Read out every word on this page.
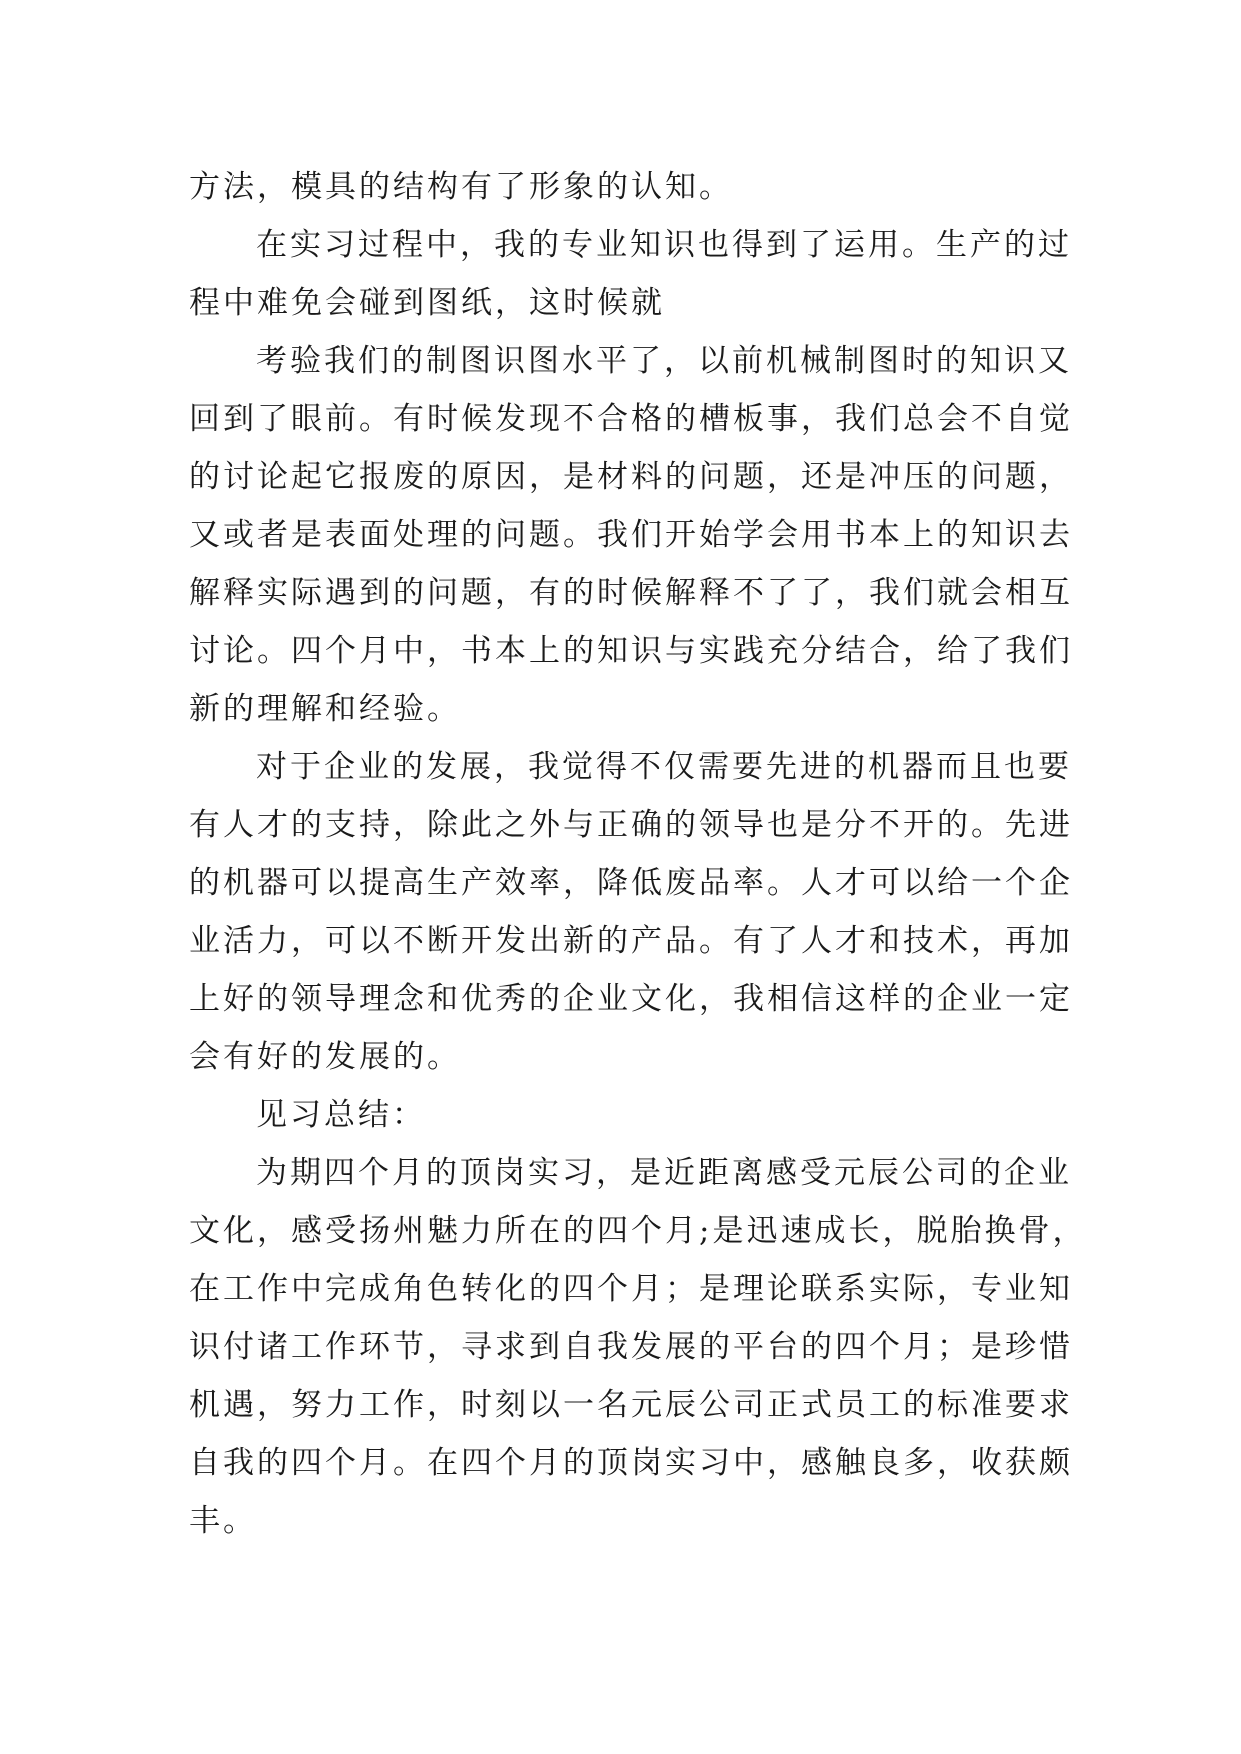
方法，模具的结构有了形象的认知。
在实习过程中，我的专业知识也得到了运用。生产的过
程中难免会碰到图纸，这时候就
考验我们的制图识图水平了，以前机械制图时的知识又
回到了眼前。有时候发现不合格的槽板事，我们总会不自觉
的讨论起它报废的原因，是材料的问题，还是冲压的问题，
又或者是表面处理的问题。我们开始学会用书本上的知识去
解释实际遇到的问题，有的时候解释不了了，我们就会相互
讨论。四个月中，书本上的知识与实践充分结合，给了我们
新的理解和经验。
对于企业的发展，我觉得不仅需要先进的机器而且也要
有人才的支持，除此之外与正确的领导也是分不开的。先进
的机器可以提高生产效率，降低废品率。人才可以给一个企
业活力，可以不断开发出新的产品。有了人才和技术，再加
上好的领导理念和优秀的企业文化，我相信这样的企业一定
会有好的发展的。
见习总结：
为期四个月的顶岗实习，是近距离感受元辰公司的企业
文化，感受扬州魅力所在的四个月;是迅速成长，脱胎换骨，
在工作中完成角色转化的四个月；是理论联系实际，专业知
识付诸工作环节，寻求到自我发展的平台的四个月；是珍惜
机遇，努力工作，时刻以一名元辰公司正式员工的标准要求
自我的四个月。在四个月的顶岗实习中，感触良多，收获颇
丰。
